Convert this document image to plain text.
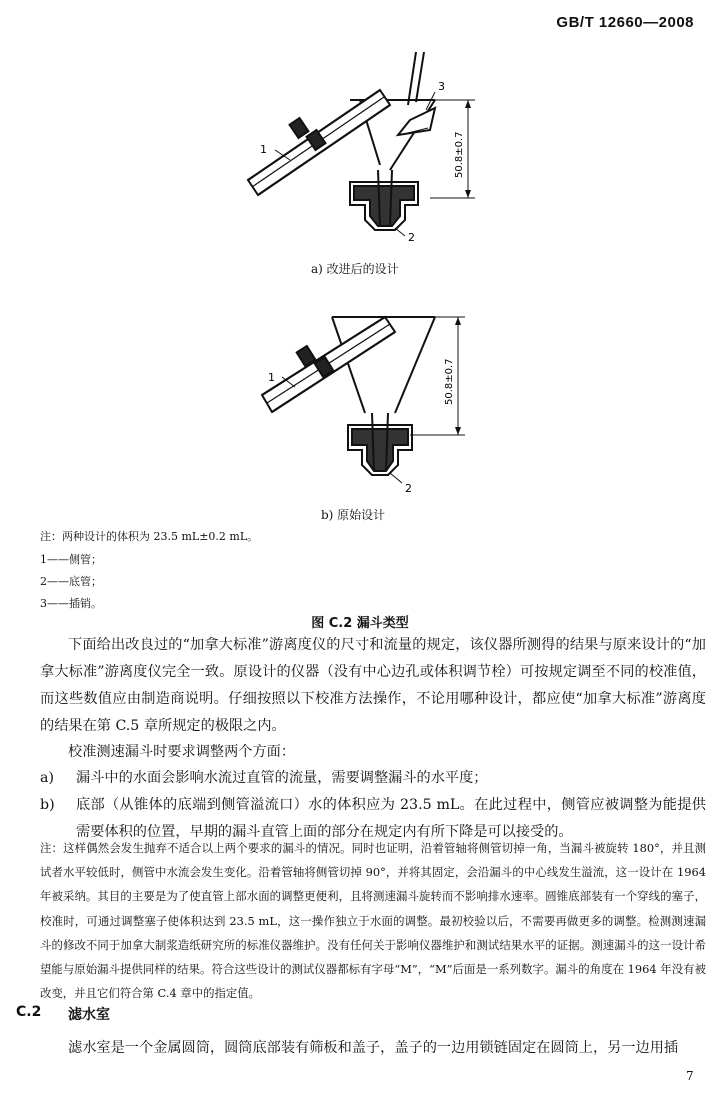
GB/T 12660—2008
1
2
3
50.8±0.7
a) 改进后的设计
1
2
50.8±0.7
b) 原始设计
注：两种设计的体积为 23.5 mL±0.2 mL。
1——侧管；
2——底管；
3——插销。
图 C.2 漏斗类型
下面给出改良过的“加拿大标准”游离度仪的尺寸和流量的规定，该仪器所测得的结果与原来设计的“加拿大标准”游离度仪完全一致。原设计的仪器（没有中心边孔或体积调节栓）可按规定调至不同的校准值，而这些数值应由制造商说明。仔细按照以下校准方法操作，不论用哪种设计，都应使“加拿大标准”游离度的结果在第 C.5 章所规定的极限之内。
校准测速漏斗时要求调整两个方面：
a) 漏斗中的水面会影响水流过直管的流量，需要调整漏斗的水平度；
b) 底部（从锥体的底端到侧管溢流口）水的体积应为 23.5 mL。在此过程中，侧管应被调整为能提供需要体积的位置，早期的漏斗直管上面的部分在规定内有所下降是可以接受的。
注：这样偶然会发生抛弃不适合以上两个要求的漏斗的情况。同时也证明，沿着管轴将侧管切掉一角，当漏斗被旋转 180°，并且测试者水平较低时，侧管中水流会发生变化。沿着管轴将侧管切掉 90°，并将其固定，会沿漏斗的中心线发生溢流，这一设计在 1964 年被采纳。其目的主要是为了使直管上部水面的调整更便利，且将测速漏斗旋转而不影响排水速率。圆锥底部装有一个穿线的塞子，校准时，可通过调整塞子使体积达到 23.5 mL，这一操作独立于水面的调整。最初校验以后，不需要再做更多的调整。检测测速漏斗的修改不同于加拿大制浆造纸研究所的标准仪器维护。没有任何关于影响仪器维护和测试结果水平的证据。测速漏斗的这一设计希望能与原始漏斗提供同样的结果。符合这些设计的测试仪器都标有字母“M”，“M”后面是一系列数字。漏斗的角度在 1964 年没有被改变，并且它们符合第 C.4 章中的指定值。
C.2 滤水室
滤水室是一个金属圆筒，圆筒底部装有筛板和盖子，盖子的一边用锁链固定在圆筒上，另一边用插
7
